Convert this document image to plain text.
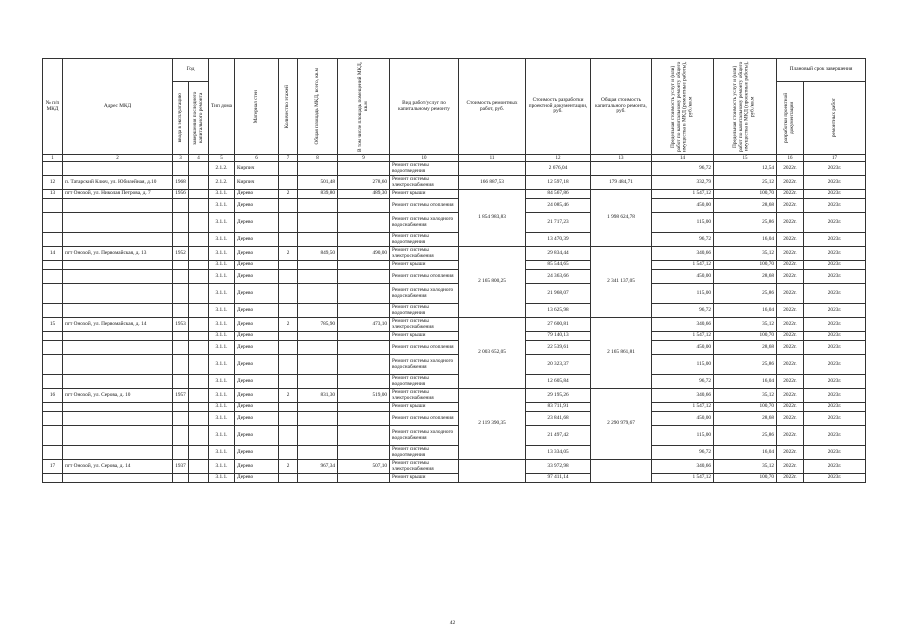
№ п/п МКД	Адрес МКД	Год		Тип дома	Материал стен	Количество этажей	Общая площадь МКД, всего, кв.м	В том числе площадь помещений МКД, кв.м	Вид работ/услуг по капитальному ремонту	Стоимость ремонтных работ, руб.	Стоимость разработки проектной документации, руб.	Общая стоимость капитального ремонта, руб.	Предельная стоимость услуг и (или) работ по капитальному ремонту общего имущества в МКД (ремонтные работы), руб./кв.м	Предельная стоимость услуг и (или) работ по капитальному ремонту общего имущества в МКД (проектные работы), руб./кв.м	Плановый срок завершения	

		ввода в эксплуатацию	завершения последнего капитального ремонта												разработки проектной документации	ремонтных работ

1	2	3	4	5	6	7	8	9	10	11	12	13	14	15	16	17
				2.1.2.	Кирпич				Ремонт системы водоотведения		2 676,04		96,72	12,54	2022г.	2023г.
12	п. Татарский Ключ, ул. Юбилейная, д.10	1968		2.1.2.	Кирпич		501,48	278,60	Ремонт системы электроснабжения	166 887,53	12 597,18	179 484,71	332,79	25,12	2022г.	2023г.
13	пгт Онохой, ул. Николая Петрова, д. 7	1956		3.1.1.	Дерево	2	839,80	489,30	Ремонт крыши	1 854 983,83	84 567,86	1 998 624,78	1 547,12	100,70	2022г.	2023г.
				3.1.1.	Дерево				Ремонт системы отопления		24 085,46		450,00	28,68	2022г.	2023г.
				3.1.1.	Дерево				Ремонт системы холодного водоснабжения		21 717,23		115,00	25,86	2022г.	2023г.
				3.1.1.	Дерево				Ремонт системы водоотведения		13 470,39		96,72	16,04	2022г.	2023г.
14	пгт Онохой, ул. Первомайская, д. 13	1952		3.1.1.	Дерево	2	849,50	490,00	Ремонт системы электроснабжения	2 165 800,25	29 834,44	2 341 137,05	340,66	35,12	2022г.	2023г.
				3.1.1.	Дерево				Ремонт крыши		85 544,65		1 547,12	100,70	2022г.	2023г.
				3.1.1.	Дерево				Ремонт системы отопления		24 363,66		450,00	28,68	2022г.	2023г.
				3.1.1.	Дерево				Ремонт системы холодного водоснабжения		21 968,07		115,00	25,86	2022г.	2023г.
				3.1.1.	Дерево				Ремонт системы водоотведения		13 625,98		96,72	16,04	2022г.	2023г.
15	пгт Онохой, ул. Первомайская, д. 14	1953		3.1.1.	Дерево	2	785,90	473,10	Ремонт системы электроснабжения	2 003 652,05	27 600,81	2 165 861,81	340,66	35,12	2022г.	2023г.
				3.1.1.	Дерево				Ремонт крыши		79 140,13		1 547,12	100,70	2022г.	2023г.
				3.1.1.	Дерево				Ремонт системы отопления		22 539,61		450,00	28,68	2022г.	2023г.
				3.1.1.	Дерево				Ремонт системы холодного водоснабжения		20 323,37		115,00	25,86	2022г.	2023г.
				3.1.1.	Дерево				Ремонт системы водоотведения		12 605,84		96,72	16,04	2022г.	2023г.
16	пгт Онохой, ул. Серова, д. 10	1957		3.1.1.	Дерево	2	831,30	519,00	Ремонт системы электроснабжения	2 119 390,35	29 195,26	2 290 979,67	340,66	35,12	2022г.	2023г.
				3.1.1.	Дерево				Ремонт крыши		83 711,91		1 547,12	100,70	2022г.	2023г.
				3.1.1.	Дерево				Ремонт системы отопления		23 841,68		450,00	28,68	2022г.	2023г.
				3.1.1.	Дерево				Ремонт системы холодного водоснабжения		21 497,42		115,00	25,86	2022г.	2023г.
				3.1.1.	Дерево				Ремонт системы водоотведения		13 334,05		96,72	16,04	2022г.	2023г.
17	пгт Онохой, ул. Серова, д. 14	1937		3.1.1.	Дерево	2	967,34	507,10	Ремонт системы электроснабжения		33 972,98		340,66	35,12	2022г.	2023г.
				3.1.1.	Дерево				Ремонт крыши		97 411,14		1 547,12	100,70	2022г.	2023г.
42
